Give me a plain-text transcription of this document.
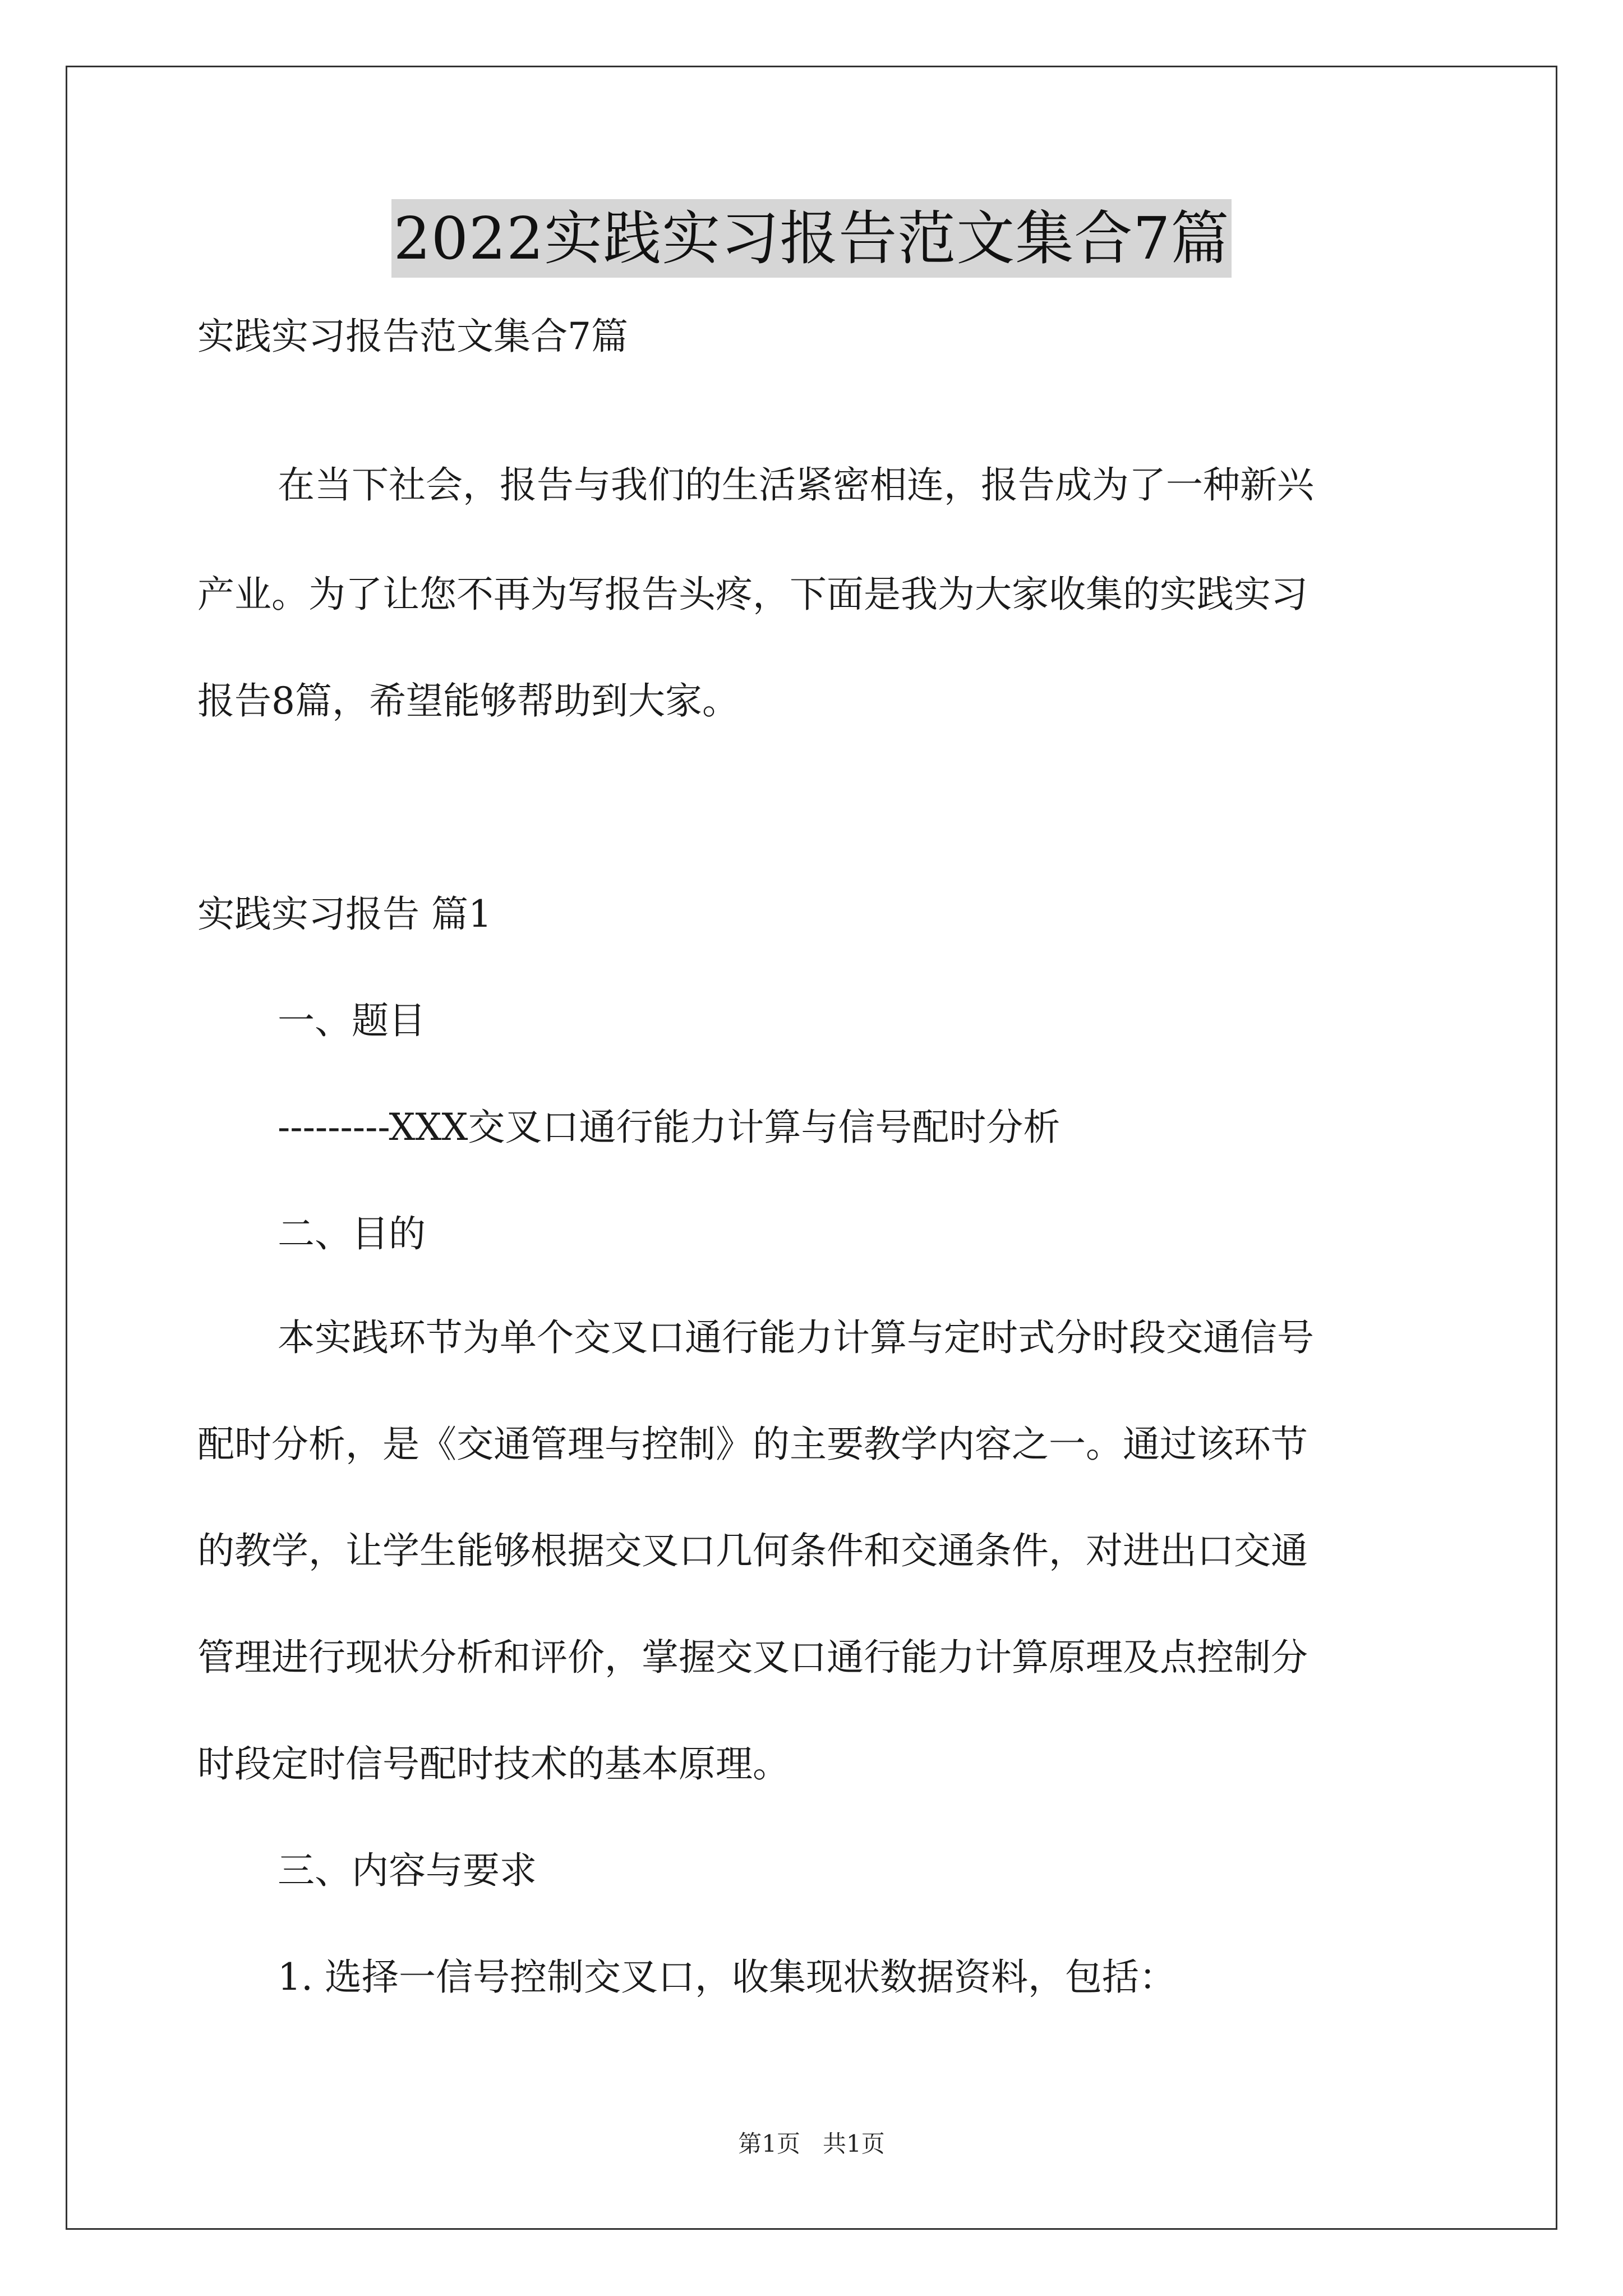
2022实践实习报告范文集合7篇
实践实习报告范文集合7篇
在当下社会，报告与我们的生活紧密相连，报告成为了一种新兴
产业。为了让您不再为写报告头疼，下面是我为大家收集的实践实习
报告8篇，希望能够帮助到大家。
实践实习报告 篇1
一、题目
---------XXX交叉口通行能力计算与信号配时分析
二、目的
本实践环节为单个交叉口通行能力计算与定时式分时段交通信号
配时分析，是《交通管理与控制》的主要教学内容之一。通过该环节
的教学，让学生能够根据交叉口几何条件和交通条件，对进出口交通
管理进行现状分析和评价，掌握交叉口通行能力计算原理及点控制分
时段定时信号配时技术的基本原理。
三、内容与要求
1. 选择一信号控制交叉口，收集现状数据资料，包括：
第1页 共1页
